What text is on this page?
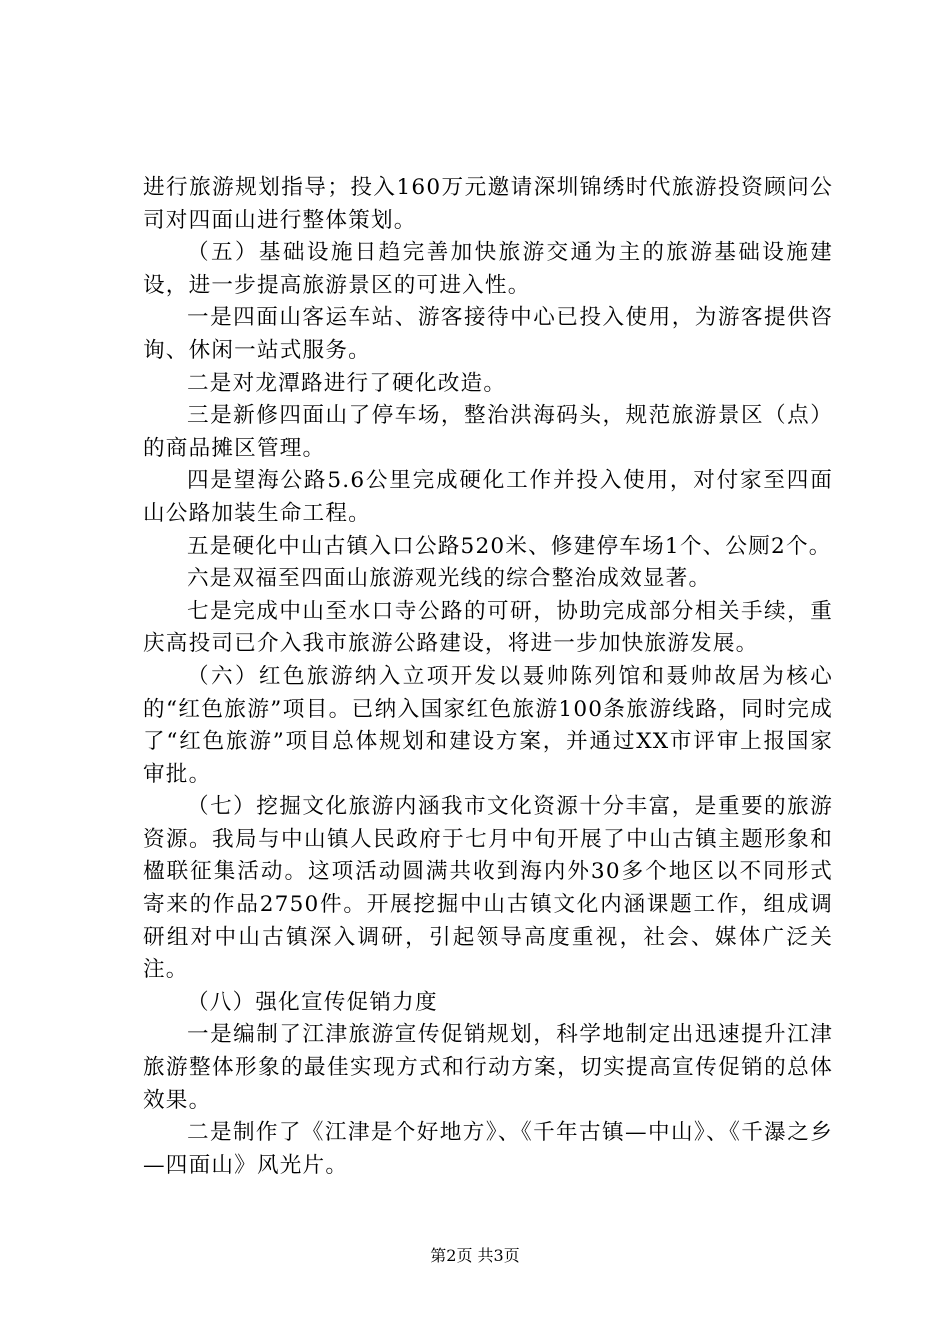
进行旅游规划指导；投入160万元邀请深圳锦绣时代旅游投资顾问公司对四面山进行整体策划。

（五）基础设施日趋完善加快旅游交通为主的旅游基础设施建设，进一步提高旅游景区的可进入性。

一是四面山客运车站、游客接待中心已投入使用，为游客提供咨询、休闲一站式服务。

二是对龙潭路进行了硬化改造。

三是新修四面山了停车场，整治洪海码头，规范旅游景区（点）的商品摊区管理。

四是望海公路5.6公里完成硬化工作并投入使用，对付家至四面山公路加装生命工程。

五是硬化中山古镇入口公路520米、修建停车场1个、公厕2个。

六是双福至四面山旅游观光线的综合整治成效显著。

七是完成中山至水口寺公路的可研，协助完成部分相关手续，重庆高投司已介入我市旅游公路建设，将进一步加快旅游发展。

（六）红色旅游纳入立项开发以聂帅陈列馆和聂帅故居为核心的“红色旅游”项目。已纳入国家红色旅游100条旅游线路，同时完成了“红色旅游”项目总体规划和建设方案，并通过XX市评审上报国家审批。

（七）挖掘文化旅游内涵我市文化资源十分丰富，是重要的旅游资源。我局与中山镇人民政府于七月中旬开展了中山古镇主题形象和楹联征集活动。这项活动圆满共收到海内外30多个地区以不同形式寄来的作品2750件。开展挖掘中山古镇文化内涵课题工作，组成调研组对中山古镇深入调研，引起领导高度重视，社会、媒体广泛关注。

（八）强化宣传促销力度

一是编制了江津旅游宣传促销规划，科学地制定出迅速提升江津旅游整体形象的最佳实现方式和行动方案，切实提高宣传促销的总体效果。

二是制作了《江津是个好地方》、《千年古镇—中山》、《千瀑之乡—四面山》风光片。

第2页 共3页
